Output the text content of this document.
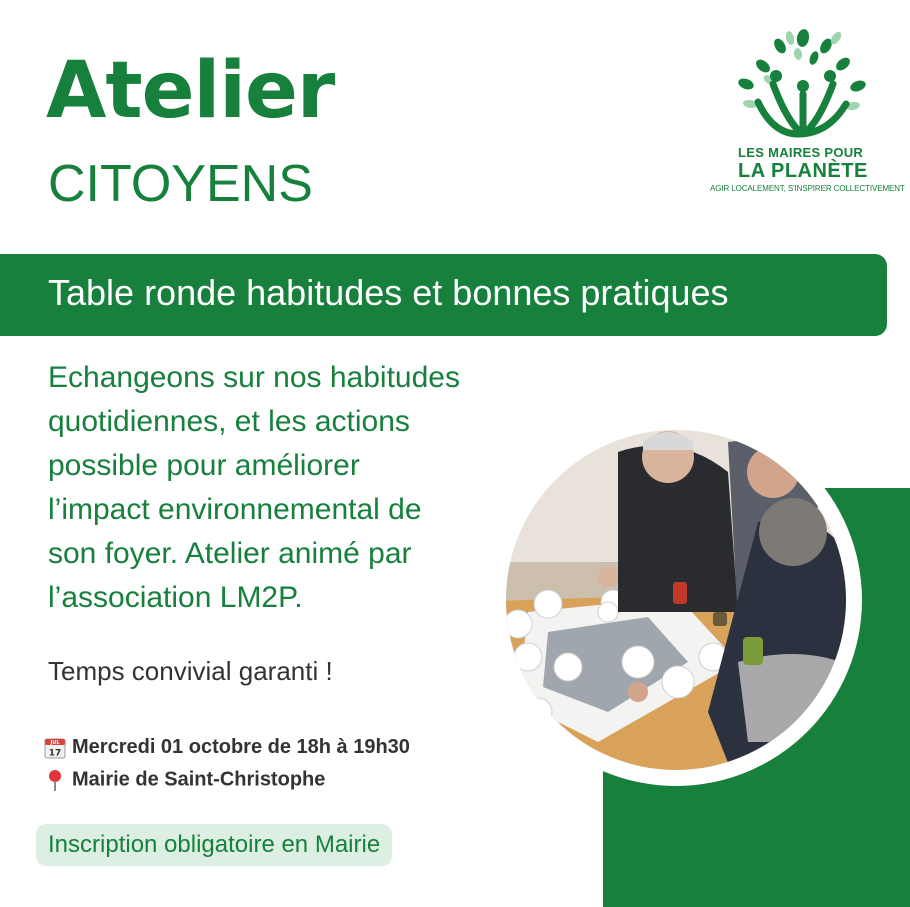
Atelier
CITOYENS
LES MAIRES POUR
LA PLANÈTE
AGIR LOCALEMENT, S'INSPIRER COLLECTIVEMENT
Table ronde habitudes et bonnes pratiques

Echangeons sur nos habitudes

quotidiennes, et les actions

possible pour améliorer

l’impact environnemental de

son foyer. Atelier animé par

l’association LM2P.

Temps convivial garanti !
JUL
17 Mercredi 01 octobre de 18h à 19h30
Mairie de Saint-Christophe
Inscription obligatoire en Mairie
